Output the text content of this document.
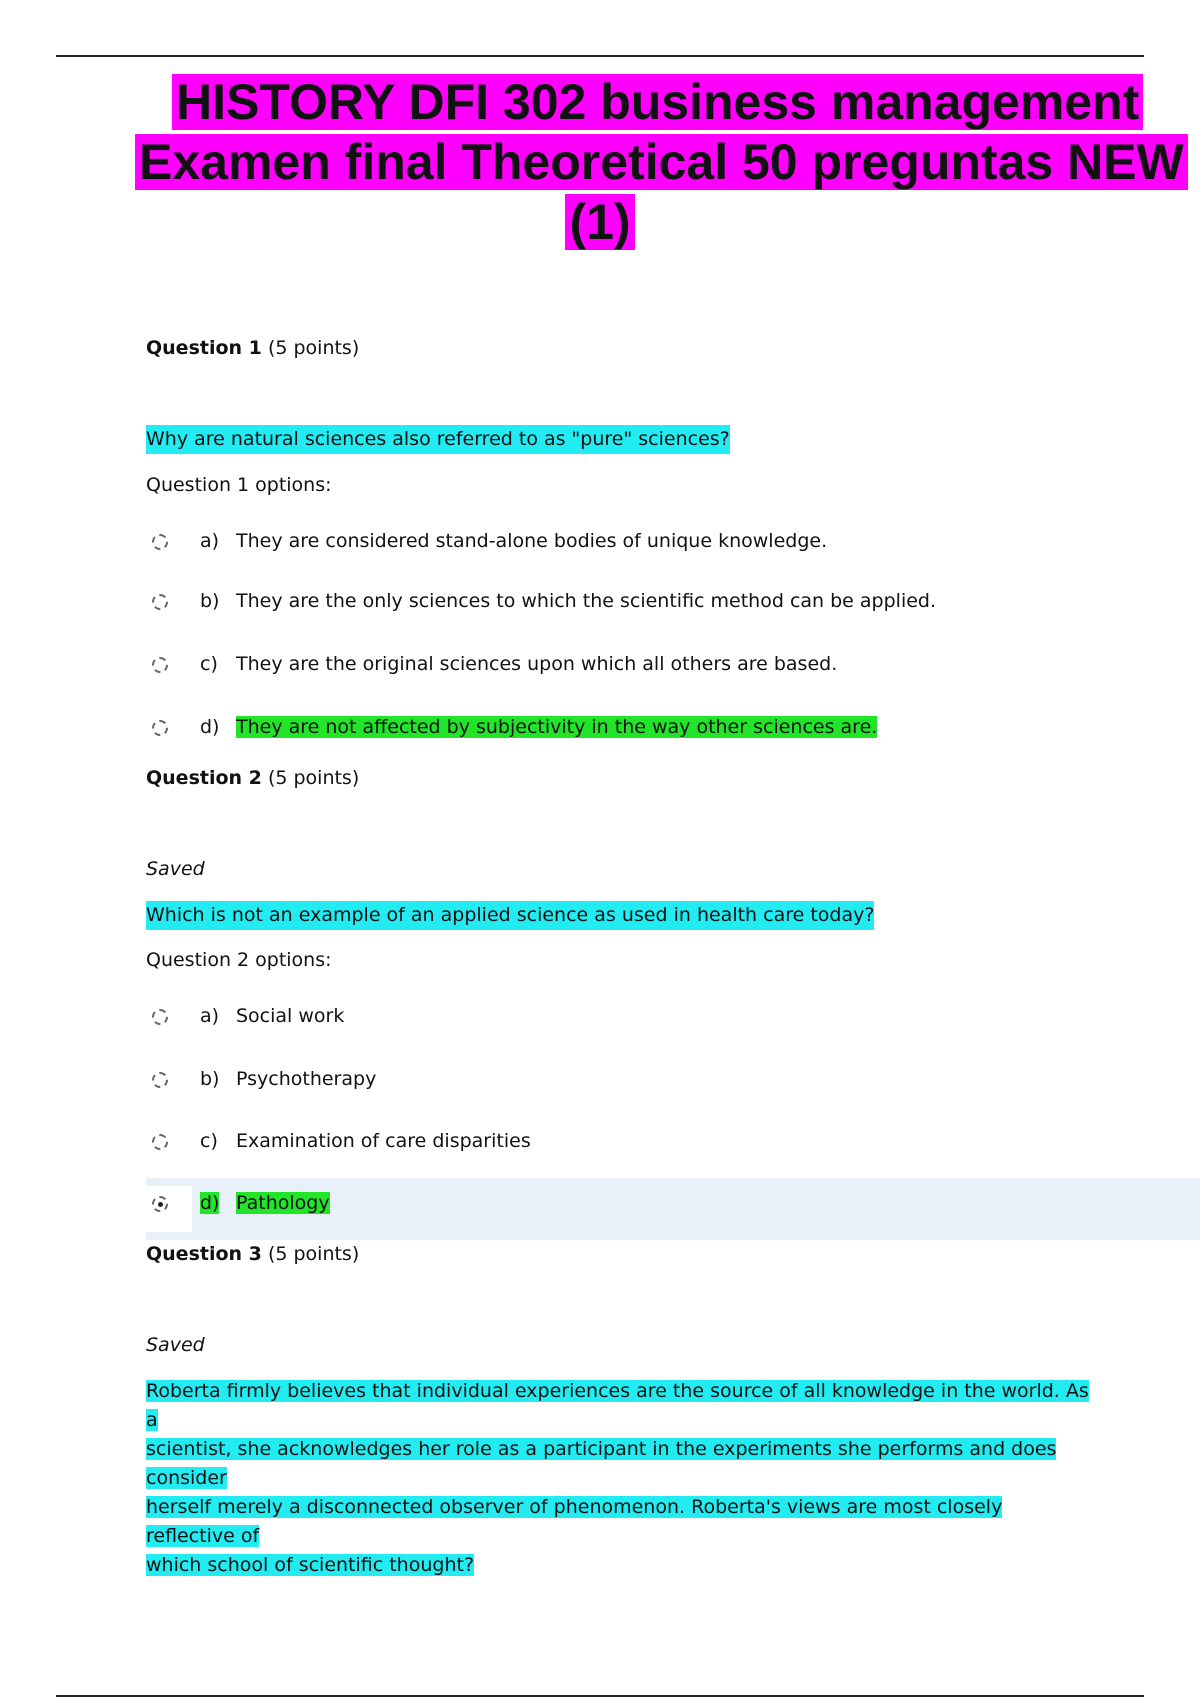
HISTORY DFI 302 business management
Examen final Theoretical 50 preguntas NEW
(1)
Question 1 (5 points)
Why are natural sciences also referred to as "pure" sciences?
Question 1 options:
a) They are considered stand-alone bodies of unique knowledge.
b) They are the only sciences to which the scientific method can be applied.
c) They are the original sciences upon which all others are based.
d) They are not affected by subjectivity in the way other sciences are.
Question 2 (5 points)
Saved
Which is not an example of an applied science as used in health care today?
Question 2 options:
a) Social work
b) Psychotherapy
c) Examination of care disparities
d) Pathology
Question 3 (5 points)
Saved
Roberta firmly believes that individual experiences are the source of all knowledge in the world. As a
scientist, she acknowledges her role as a participant in the experiments she performs and does consider
herself merely a disconnected observer of phenomenon. Roberta's views are most closely reflective of
which school of scientific thought?
